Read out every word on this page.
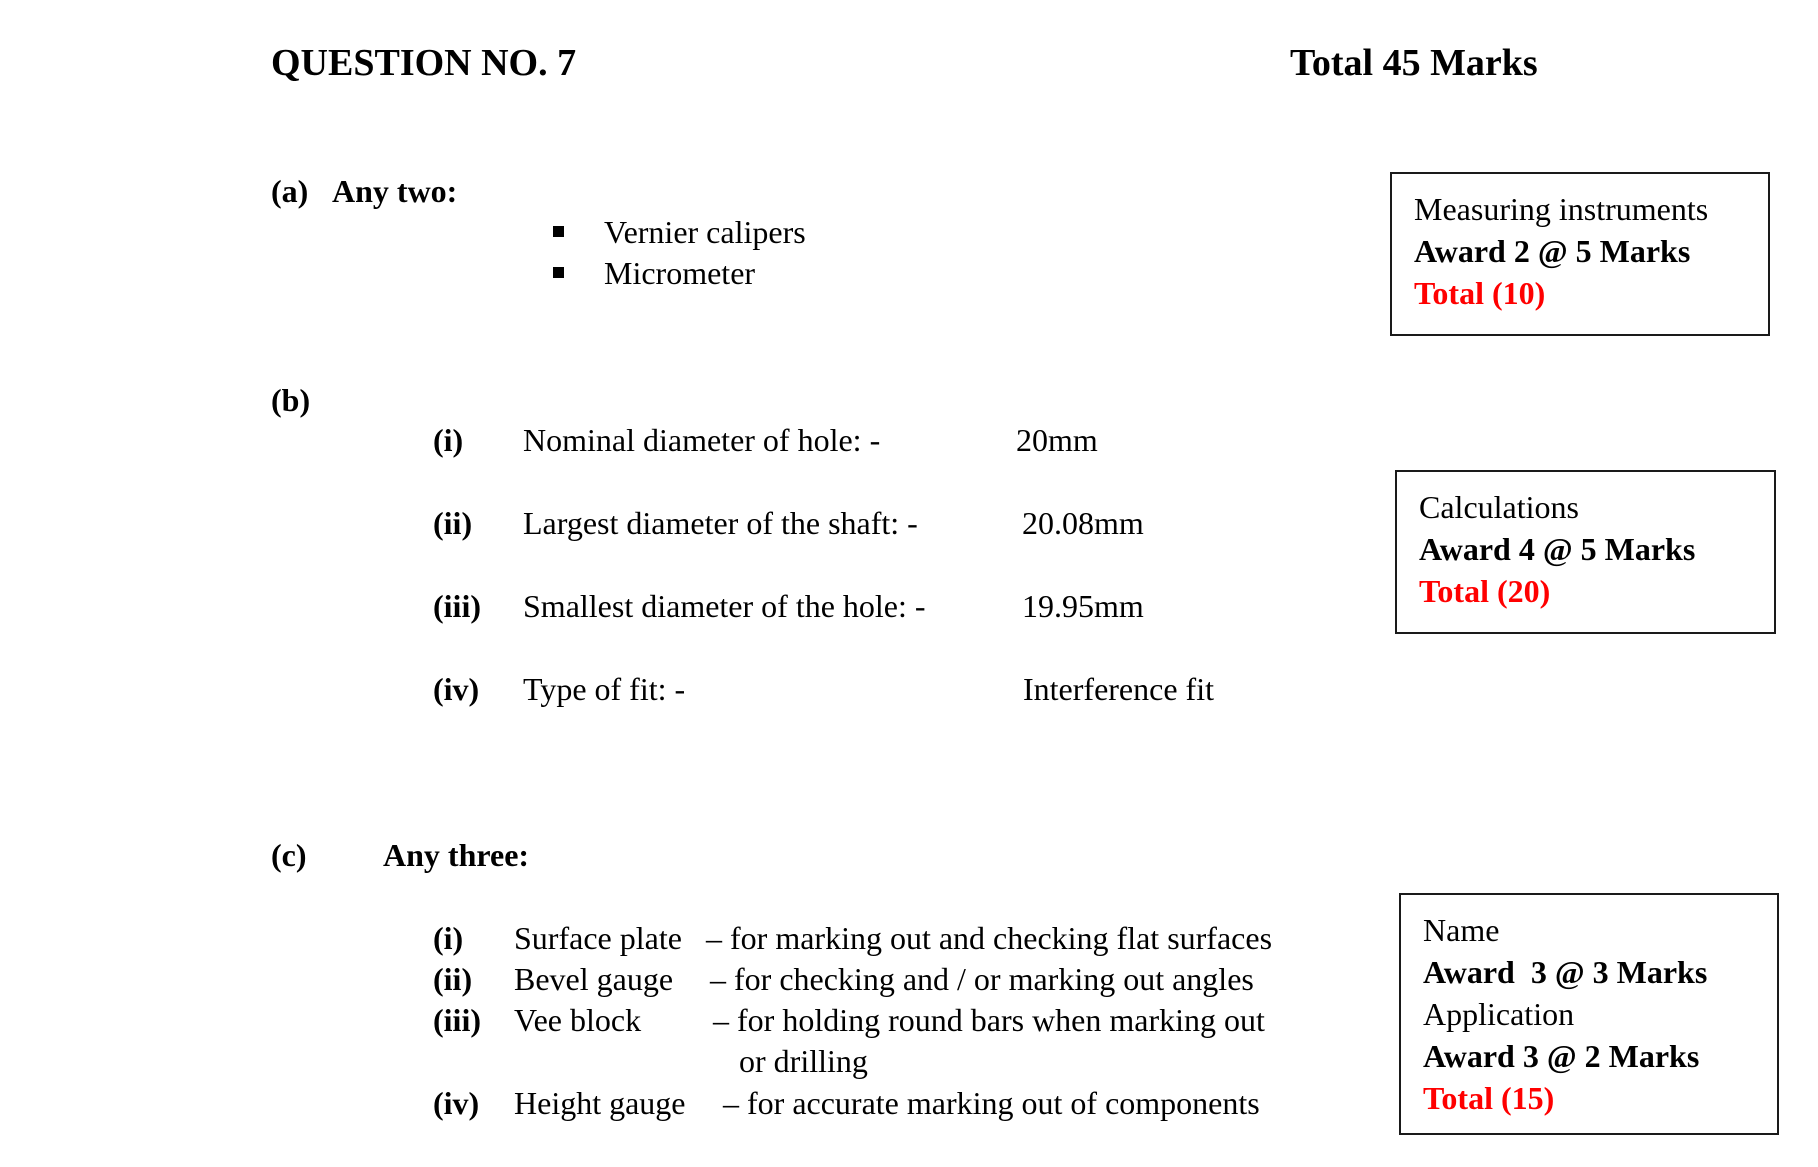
QUESTION NO. 7	Total 45 Marks
(a) Any two:
Vernier calipers
Micrometer
Measuring instruments
Award 2 @ 5 Marks
Total (10)
(b)
(i) Nominal diameter of hole: -	20mm
(ii) Largest diameter of the shaft: -	20.08mm
(iii) Smallest diameter of the hole: -	19.95mm
(iv) Type of fit: -	Interference fit
Calculations
Award 4 @ 5 Marks
Total (20)
(c) Any three:
(i) Surface plate – for marking out and checking flat surfaces
(ii) Bevel gauge – for checking and / or marking out angles
(iii) Vee block – for holding round bars when marking out
or drilling
(iv) Height gauge – for accurate marking out of components
Name
Award  3 @ 3 Marks
Application
Award 3 @ 2 Marks
Total (15)
